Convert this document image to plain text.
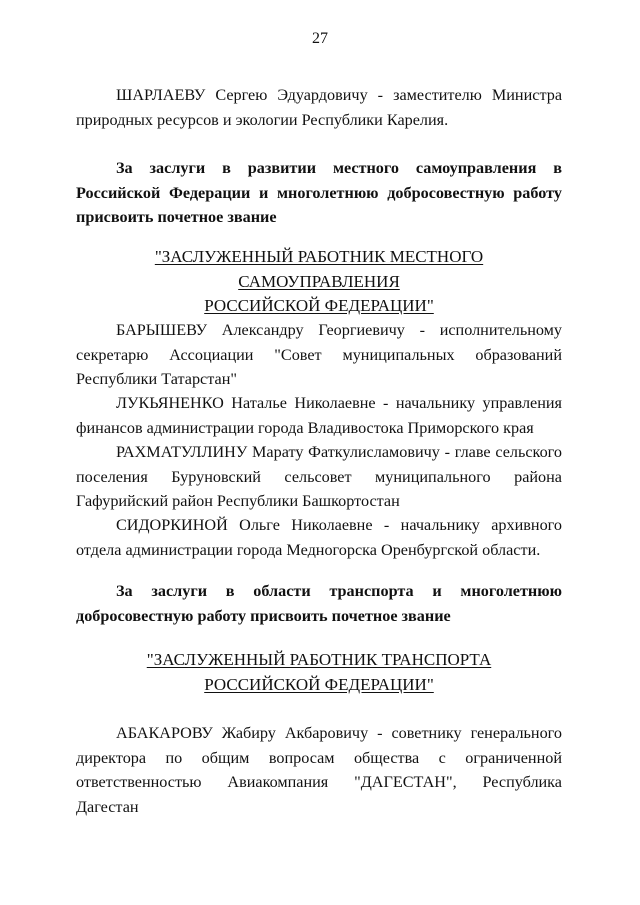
27

ШАРЛАЕВУ Сергею Эдуардовичу - заместителю Министра природных ресурсов и экологии Республики Карелия.

За заслуги в развитии местного самоуправления в Российской Федерации и многолетнюю добросовестную работу присвоить почетное звание

"ЗАСЛУЖЕННЫЙ РАБОТНИК МЕСТНОГО САМОУПРАВЛЕНИЯ
РОССИЙСКОЙ ФЕДЕРАЦИИ"

БАРЫШЕВУ Александру Георгиевичу - исполнительному секретарю Ассоциации "Совет муниципальных образований Республики Татарстан"

ЛУКЬЯНЕНКО Наталье Николаевне - начальнику управления финансов администрации города Владивостока Приморского края

РАХМАТУЛЛИНУ Марату Фаткулисламовичу - главе сельского поселения Буруновский сельсовет муниципального района Гафурийский район Республики Башкортостан

СИДОРКИНОЙ Ольге Николаевне - начальнику архивного отдела администрации города Медногорска Оренбургской области.

За заслуги в области транспорта и многолетнюю добросовестную работу присвоить почетное звание

"ЗАСЛУЖЕННЫЙ РАБОТНИК ТРАНСПОРТА
РОССИЙСКОЙ ФЕДЕРАЦИИ"

АБАКАРОВУ Жабиру Акбаровичу - советнику генерального директора по общим вопросам общества с ограниченной ответственностью Авиакомпания "ДАГЕСТАН", Республика Дагестан
